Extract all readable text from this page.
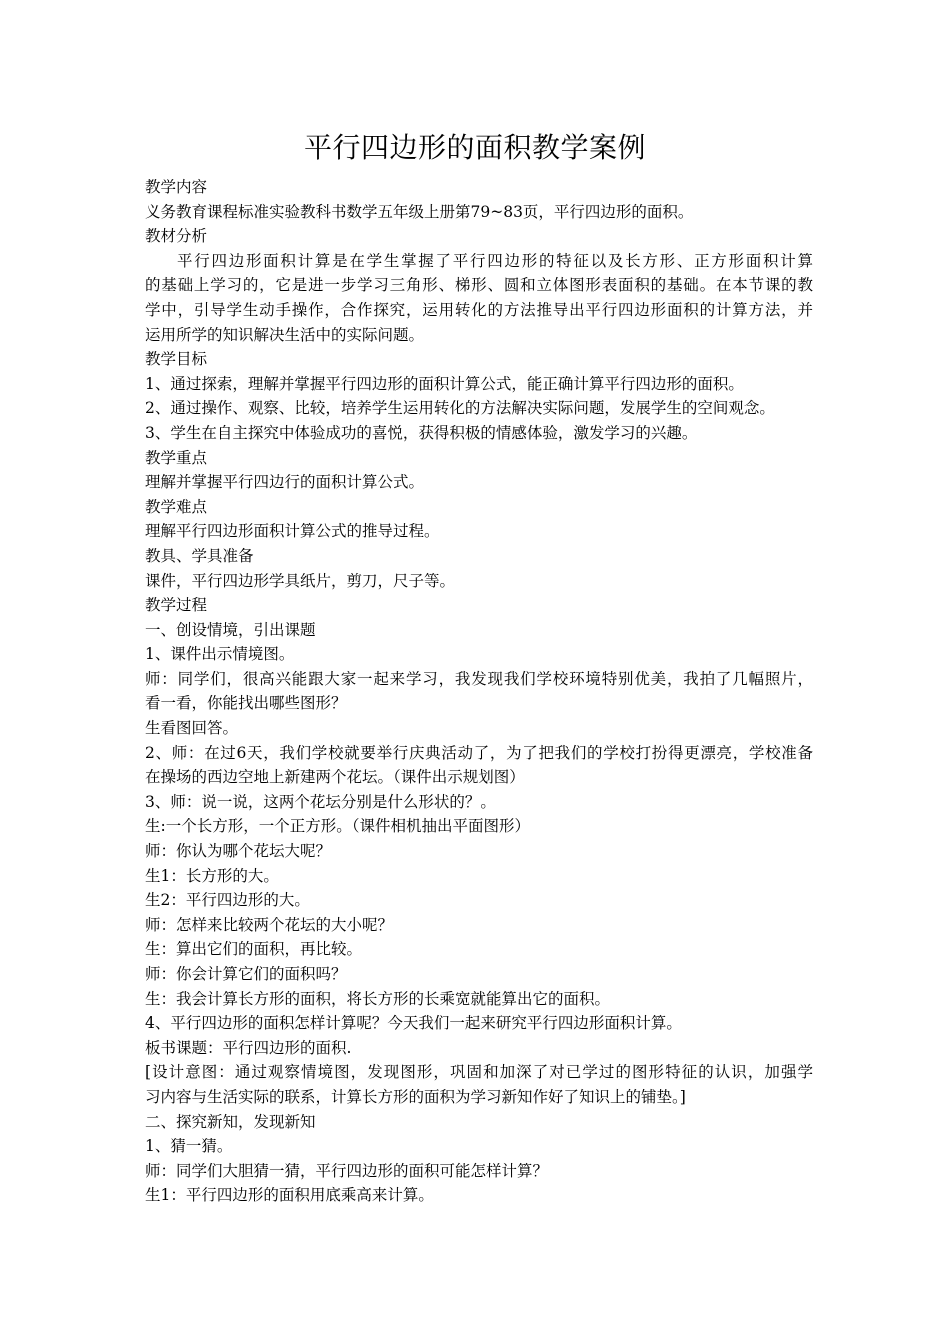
平行四边形的面积教学案例
教学内容
义务教育课程标准实验教科书数学五年级上册第79~83页，平行四边形的面积。
教材分析
平行四边形面积计算是在学生掌握了平行四边形的特征以及长方形、正方形面积计算
的基础上学习的，它是进一步学习三角形、梯形、圆和立体图形表面积的基础。在本节课的教
学中，引导学生动手操作，合作探究，运用转化的方法推导出平行四边形面积的计算方法，并
运用所学的知识解决生活中的实际问题。
教学目标
1、通过探索，理解并掌握平行四边形的面积计算公式，能正确计算平行四边形的面积。
2、通过操作、观察、比较，培养学生运用转化的方法解决实际问题，发展学生的空间观念。
3、学生在自主探究中体验成功的喜悦，获得积极的情感体验，激发学习的兴趣。
教学重点
理解并掌握平行四边行的面积计算公式。
教学难点
理解平行四边形面积计算公式的推导过程。
教具、学具准备
课件，平行四边形学具纸片，剪刀，尺子等。
教学过程
一、创设情境，引出课题
1、课件出示情境图。
师：同学们，很高兴能跟大家一起来学习，我发现我们学校环境特别优美，我拍了几幅照片，
看一看，你能找出哪些图形？
生看图回答。
2、师：在过6天，我们学校就要举行庆典活动了，为了把我们的学校打扮得更漂亮，学校准备
在操场的西边空地上新建两个花坛。（课件出示规划图）
3、师：说一说，这两个花坛分别是什么形状的？。
生:一个长方形，一个正方形。（课件相机抽出平面图形）
师：你认为哪个花坛大呢？
生1：长方形的大。
生2：平行四边形的大。
师：怎样来比较两个花坛的大小呢？
生：算出它们的面积，再比较。
师：你会计算它们的面积吗？
生：我会计算长方形的面积，将长方形的长乘宽就能算出它的面积。
4、平行四边形的面积怎样计算呢？今天我们一起来研究平行四边形面积计算。
板书课题：平行四边形的面积.
[设计意图：通过观察情境图，发现图形，巩固和加深了对已学过的图形特征的认识，加强学
习内容与生活实际的联系，计算长方形的面积为学习新知作好了知识上的铺垫。]
二、探究新知，发现新知
1、猜一猜。
师：同学们大胆猜一猜，平行四边形的面积可能怎样计算？
生1：平行四边形的面积用底乘高来计算。
